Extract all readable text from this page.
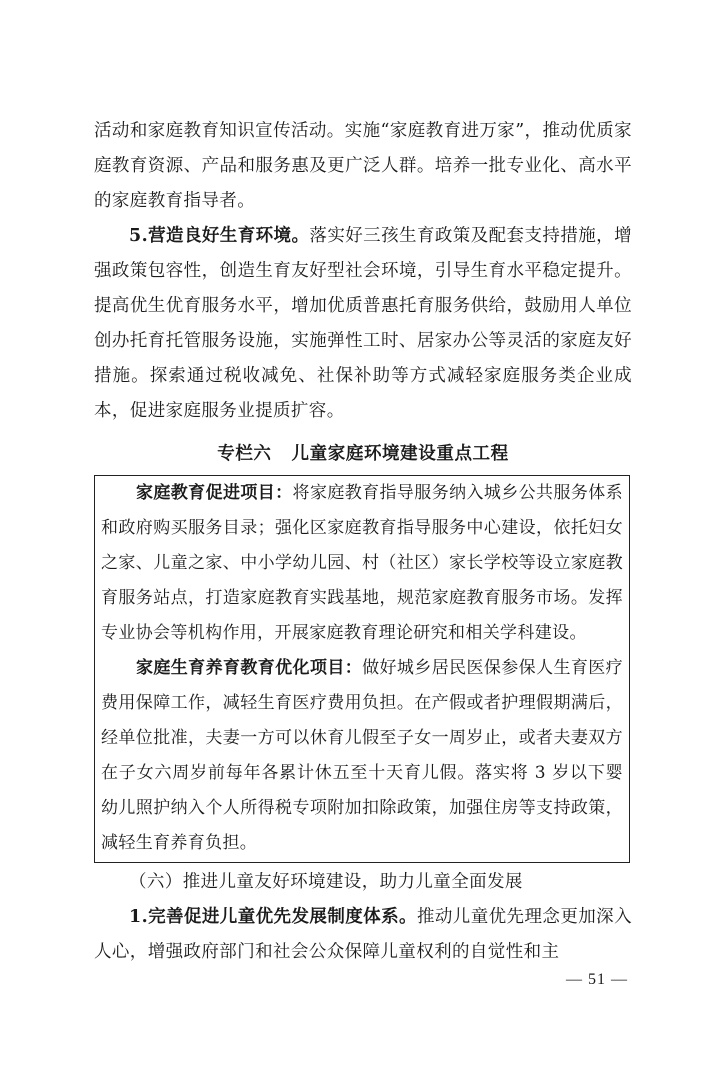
活动和家庭教育知识宣传活动。实施“家庭教育进万家”，推动优质家庭教育资源、产品和服务惠及更广泛人群。培养一批专业化、高水平的家庭教育指导者。

5.营造良好生育环境。落实好三孩生育政策及配套支持措施，增强政策包容性，创造生育友好型社会环境，引导生育水平稳定提升。提高优生优育服务水平，增加优质普惠托育服务供给，鼓励用人单位创办托育托管服务设施，实施弹性工时、居家办公等灵活的家庭友好措施。探索通过税收减免、社保补助等方式减轻家庭服务类企业成本，促进家庭服务业提质扩容。

专栏六 儿童家庭环境建设重点工程

家庭教育促进项目：将家庭教育指导服务纳入城乡公共服务体系和政府购买服务目录；强化区家庭教育指导服务中心建设，依托妇女之家、儿童之家、中小学幼儿园、村（社区）家长学校等设立家庭教育服务站点，打造家庭教育实践基地，规范家庭教育服务市场。发挥专业协会等机构作用，开展家庭教育理论研究和相关学科建设。

家庭生育养育教育优化项目：做好城乡居民医保参保人生育医疗费用保障工作，减轻生育医疗费用负担。在产假或者护理假期满后，经单位批准，夫妻一方可以休育儿假至子女一周岁止，或者夫妻双方在子女六周岁前每年各累计休五至十天育儿假。落实将 3 岁以下婴幼儿照护纳入个人所得税专项附加扣除政策，加强住房等支持政策，减轻生育养育负担。

（六）推进儿童友好环境建设，助力儿童全面发展

1.完善促进儿童优先发展制度体系。推动儿童优先理念更加深入人心，增强政府部门和社会公众保障儿童权利的自觉性和主

— 51 —
